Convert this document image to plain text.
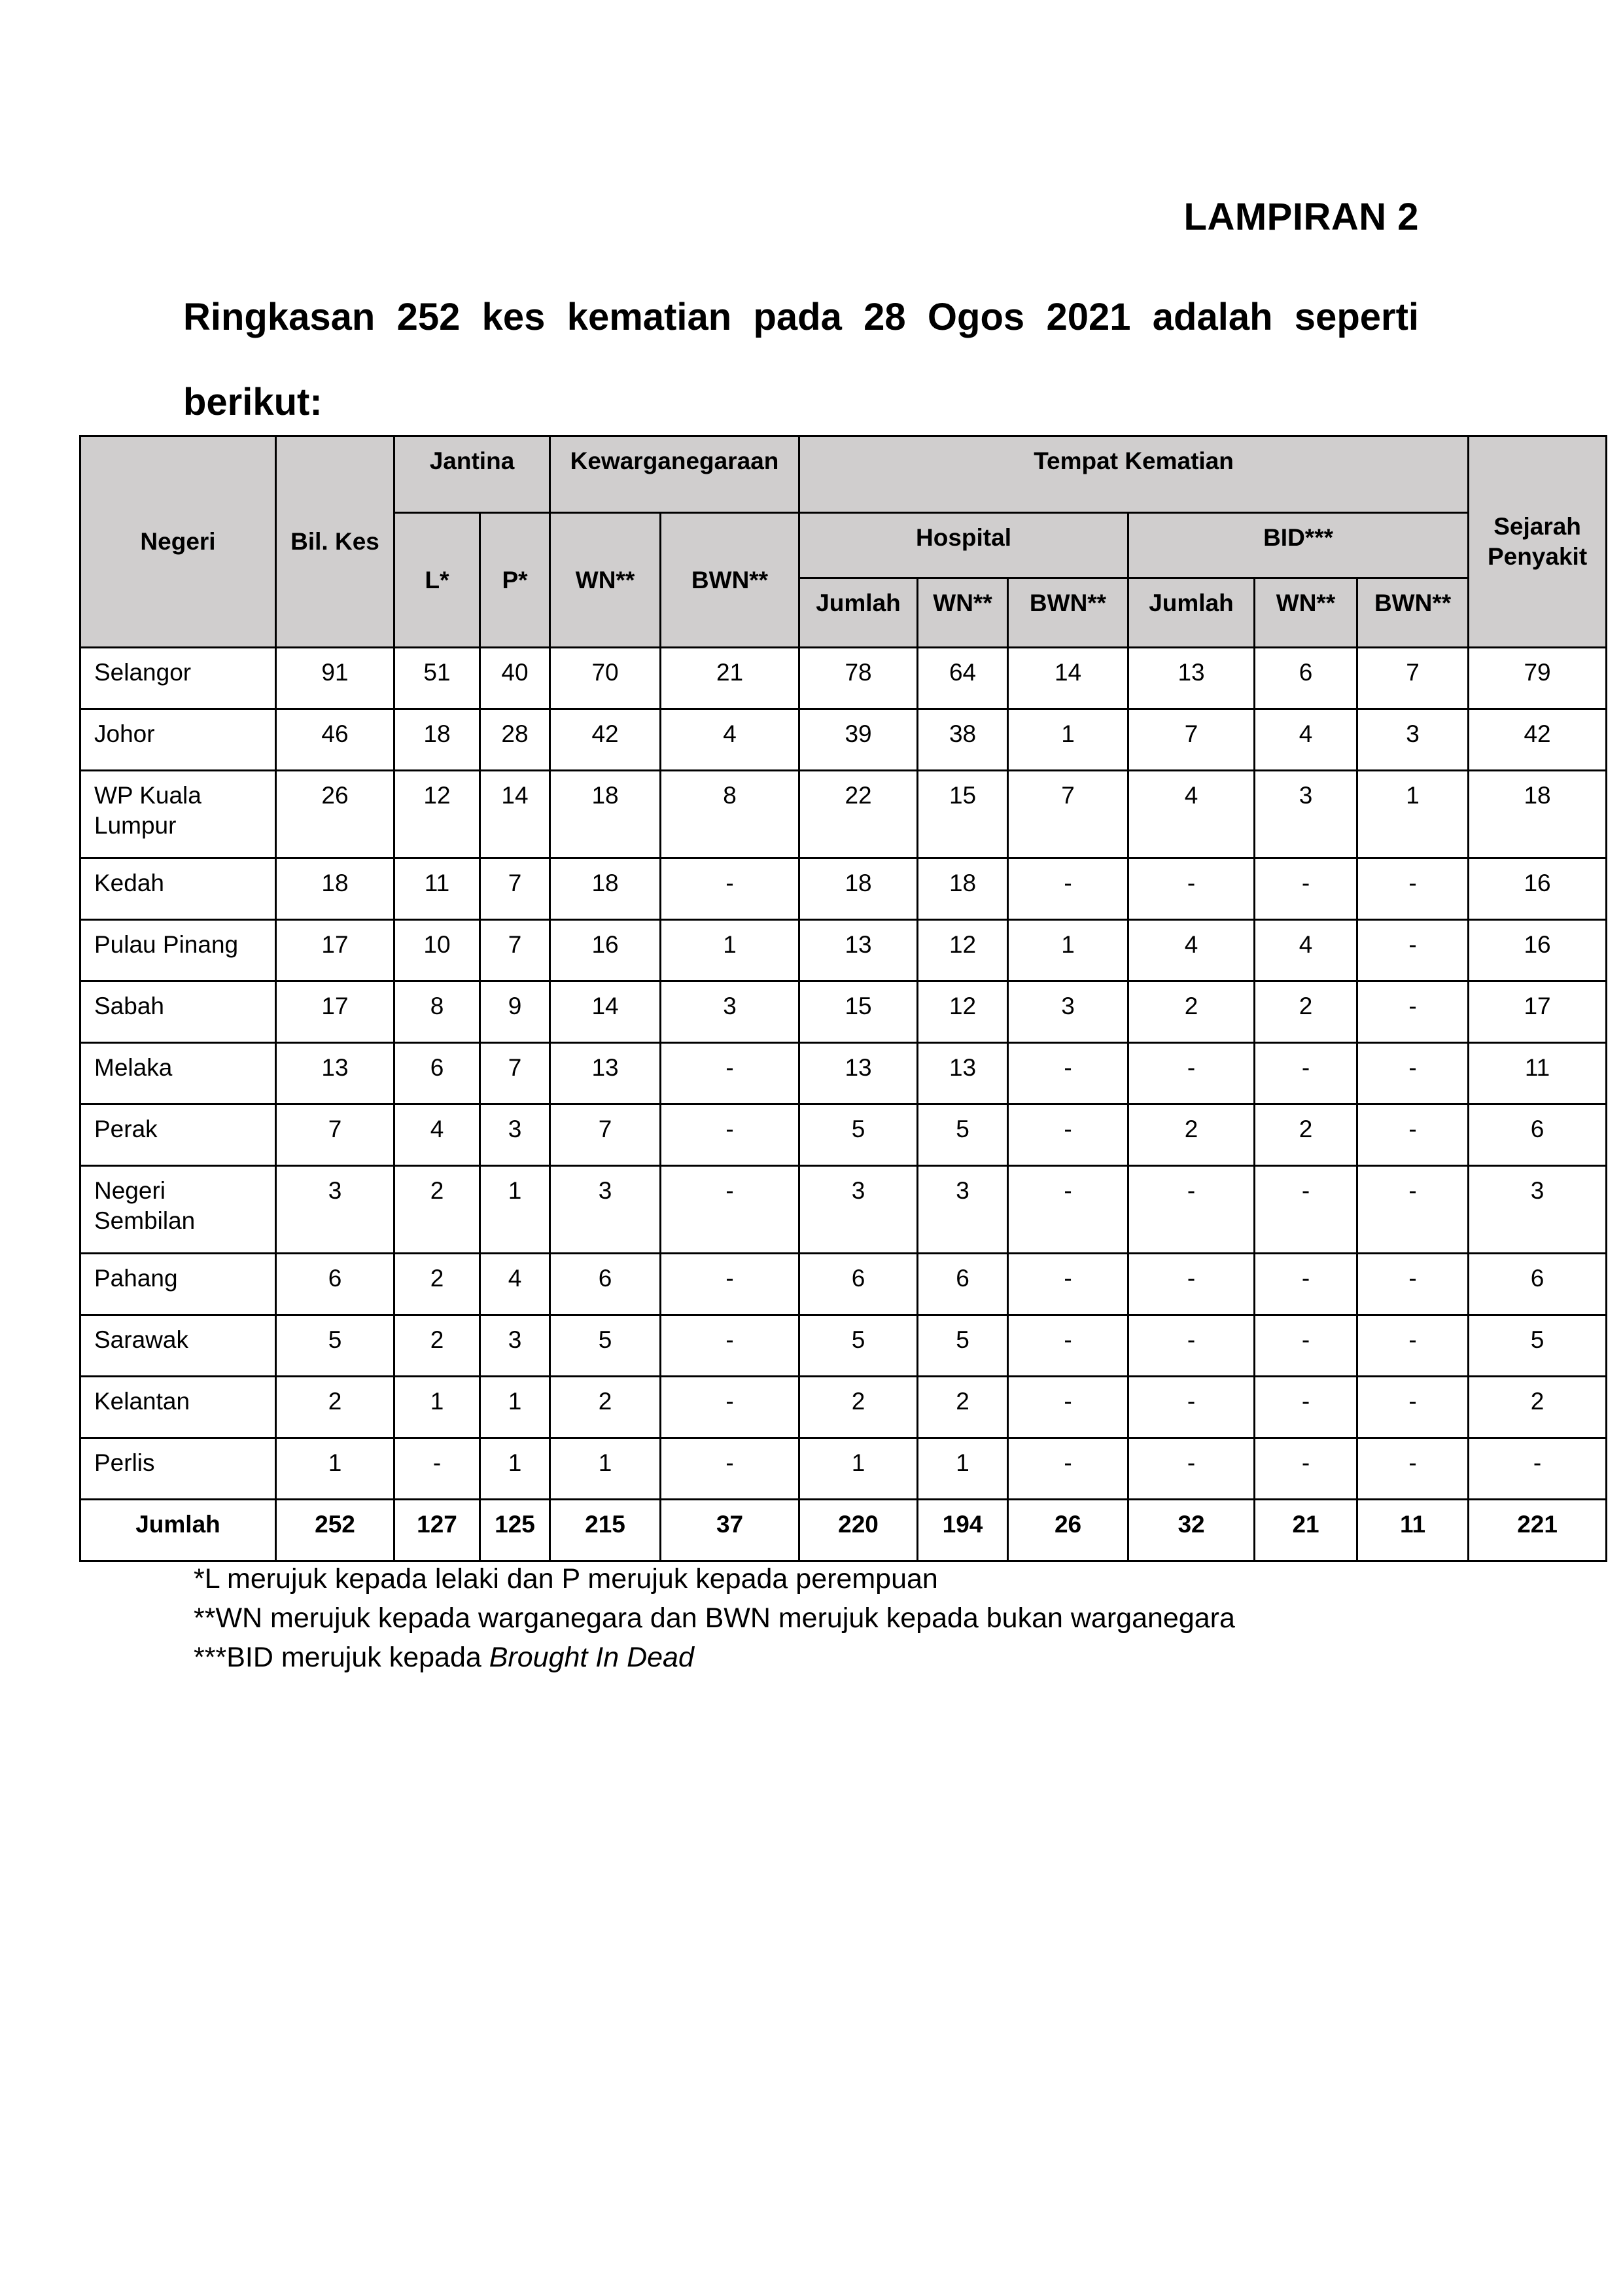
LAMPIRAN 2
Ringkasan 252 kes kematian pada 28 Ogos 2021 adalah seperti berikut:
Negeri	Bil. Kes	Jantina		Kewarganegaraan		Tempat Kematian						Sejarah Penyakit
		L*	P*	WN**	BWN**	Hospital			BID***			
						Jumlah	WN**	BWN**	Jumlah	WN**	BWN**	
Selangor	91	51	40	70	21	78	64	14	13	6	7	79
Johor	46	18	28	42	4	39	38	1	7	4	3	42
WP Kuala Lumpur	26	12	14	18	8	22	15	7	4	3	1	18
Kedah	18	11	7	18	-	18	18	-	-	-	-	16
Pulau Pinang	17	10	7	16	1	13	12	1	4	4	-	16
Sabah	17	8	9	14	3	15	12	3	2	2	-	17
Melaka	13	6	7	13	-	13	13	-	-	-	-	11
Perak	7	4	3	7	-	5	5	-	2	2	-	6
Negeri Sembilan	3	2	1	3	-	3	3	-	-	-	-	3
Pahang	6	2	4	6	-	6	6	-	-	-	-	6
Sarawak	5	2	3	5	-	5	5	-	-	-	-	5
Kelantan	2	1	1	2	-	2	2	-	-	-	-	2
Perlis	1	-	1	1	-	1	1	-	-	-	-	-
Jumlah	252	127	125	215	37	220	194	26	32	21	11	221
*L merujuk kepada lelaki dan P merujuk kepada perempuan
**WN merujuk kepada warganegara dan BWN merujuk kepada bukan warganegara
***BID merujuk kepada Brought In Dead
